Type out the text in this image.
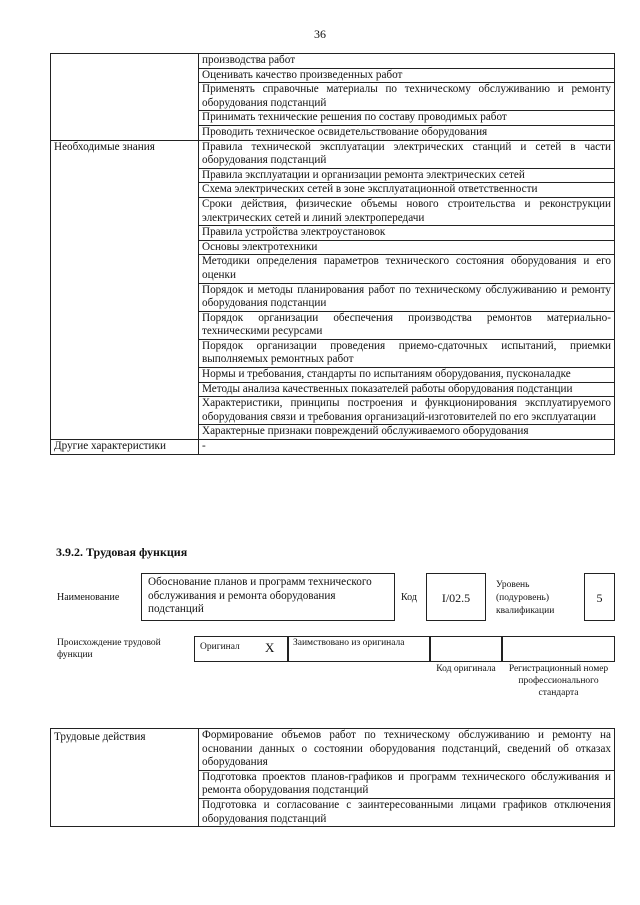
36
	производства работ
	Оценивать качество произведенных работ
	Применять справочные материалы по техническому обслуживанию и ремонту оборудования подстанций
	Принимать технические решения по составу проводимых работ
	Проводить техническое освидетельствование оборудования
Необходимые знания	Правила технической эксплуатации электрических станций и сетей в части оборудования подстанций
	Правила эксплуатации и организации ремонта электрических сетей
	Схема электрических сетей в зоне эксплуатационной ответственности
	Сроки действия, физические объемы нового строительства и реконструкции электрических сетей и линий электропередачи
	Правила устройства электроустановок
	Основы электротехники
	Методики определения параметров технического состояния оборудования и его оценки
	Порядок и методы планирования работ по техническому обслуживанию и ремонту оборудования подстанции
	Порядок организации обеспечения производства ремонтов материально-техническими ресурсами
	Порядок организации проведения приемо-сдаточных испытаний, приемки выполняемых ремонтных работ
	Нормы и требования, стандарты по испытаниям оборудования, пусконаладке
	Методы анализа качественных показателей работы оборудования подстанции
	Характеристики, принципы построения и функционирования эксплуатируемого оборудования связи и требования организаций-изготовителей по его эксплуатации
	Характерные признаки повреждений обслуживаемого оборудования
Другие характеристики	-
3.9.2. Трудовая функция
Наименование
Обоснование планов и программ технического обслуживания и ремонта оборудования подстанций
Код	I/02.5
Уровень
(подуровень)
квалификации
5
Происхождение трудовой функции
Оригинал X	Заимствовано из оригинала
Код оригинала	Регистрационный номер профессионального стандарта
Трудовые действия	Формирование объемов работ по техническому обслуживанию и ремонту на основании данных о состоянии оборудования подстанций, сведений об отказах оборудования
Подготовка проектов планов-графиков и программ технического обслуживания и ремонта оборудования подстанций
Подготовка и согласование с заинтересованными лицами графиков отключения оборудования подстанций
